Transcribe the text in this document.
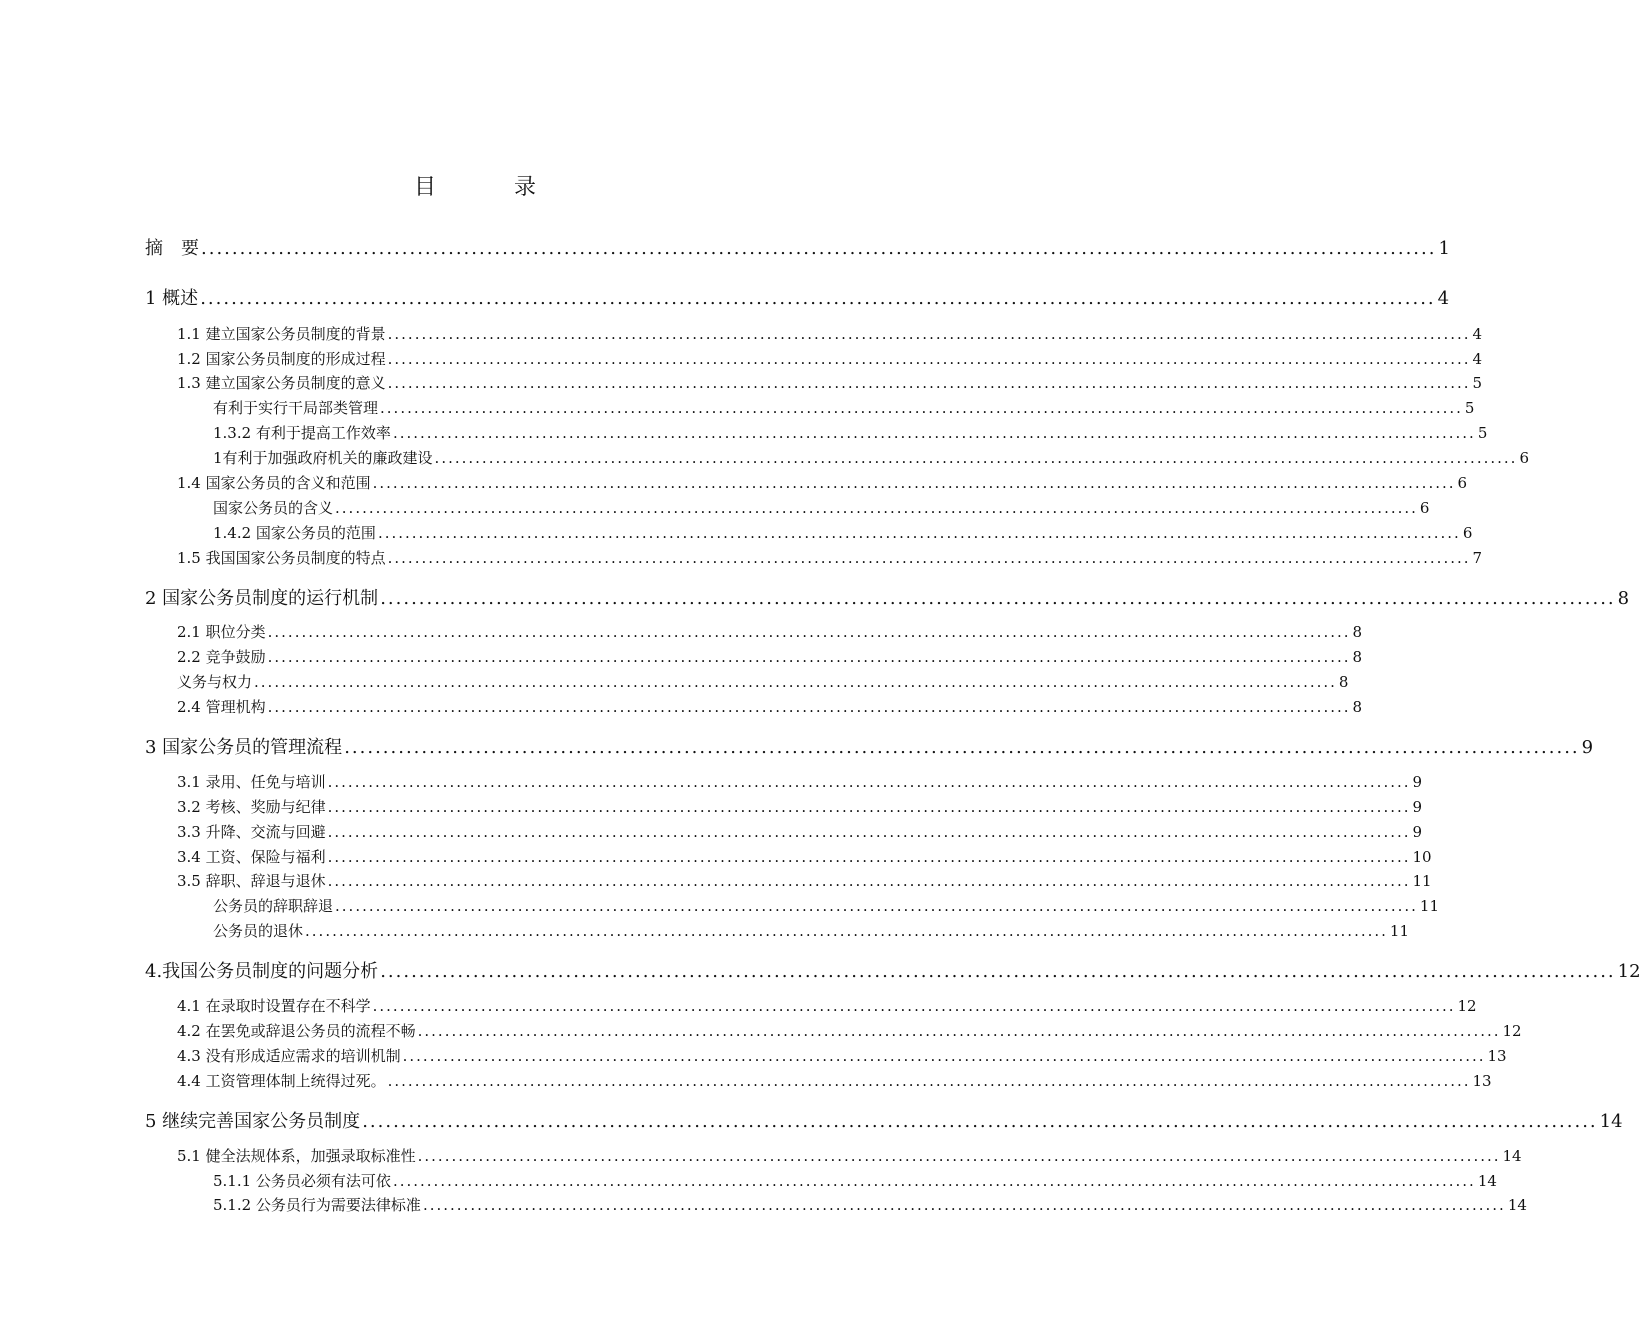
目　录
摘　要 ................................................................................................................................................................ 1
1 概述 ................................................................................................................................................................ 4
1.1 建立国家公务员制度的背景 ................................................................................................................................................................ 4
1.2 国家公务员制度的形成过程 ................................................................................................................................................................ 4
1.3 建立国家公务员制度的意义 ................................................................................................................................................................ 5
有利于实行干局部类管理 ................................................................................................................................................................ 5
1.3.2 有利于提高工作效率 ................................................................................................................................................................ 5
1有利于加强政府机关的廉政建设 ................................................................................................................................................................ 6
1.4 国家公务员的含义和范围 ................................................................................................................................................................ 6
国家公务员的含义 ................................................................................................................................................................ 6
1.4.2 国家公务员的范围 ................................................................................................................................................................ 6
1.5 我国国家公务员制度的特点 ................................................................................................................................................................ 7
2 国家公务员制度的运行机制 ................................................................................................................................................................ 8
2.1 职位分类 ................................................................................................................................................................ 8
2.2 竞争鼓励 ................................................................................................................................................................ 8
义务与权力 ................................................................................................................................................................ 8
2.4 管理机构 ................................................................................................................................................................ 8
3 国家公务员的管理流程 ................................................................................................................................................................ 9
3.1 录用、任免与培训 ................................................................................................................................................................ 9
3.2 考核、奖励与纪律 ................................................................................................................................................................ 9
3.3 升降、交流与回避 ................................................................................................................................................................ 9
3.4 工资、保险与福利 ................................................................................................................................................................ 10
3.5 辞职、辞退与退休 ................................................................................................................................................................ 11
公务员的辞职辞退 ................................................................................................................................................................ 11
公务员的退休 ................................................................................................................................................................ 11
4.我国公务员制度的问题分析 ................................................................................................................................................................ 12
4.1 在录取时设置存在不科学 ................................................................................................................................................................ 12
4.2 在罢免或辞退公务员的流程不畅 ................................................................................................................................................................ 12
4.3 没有形成适应需求的培训机制 ................................................................................................................................................................ 13
4.4 工资管理体制上统得过死。 ................................................................................................................................................................ 13
5 继续完善国家公务员制度 ................................................................................................................................................................ 14
5.1 健全法规体系，加强录取标准性 ................................................................................................................................................................ 14
5.1.1 公务员必须有法可依 ................................................................................................................................................................ 14
5.1.2 公务员行为需要法律标准 ................................................................................................................................................................ 14
